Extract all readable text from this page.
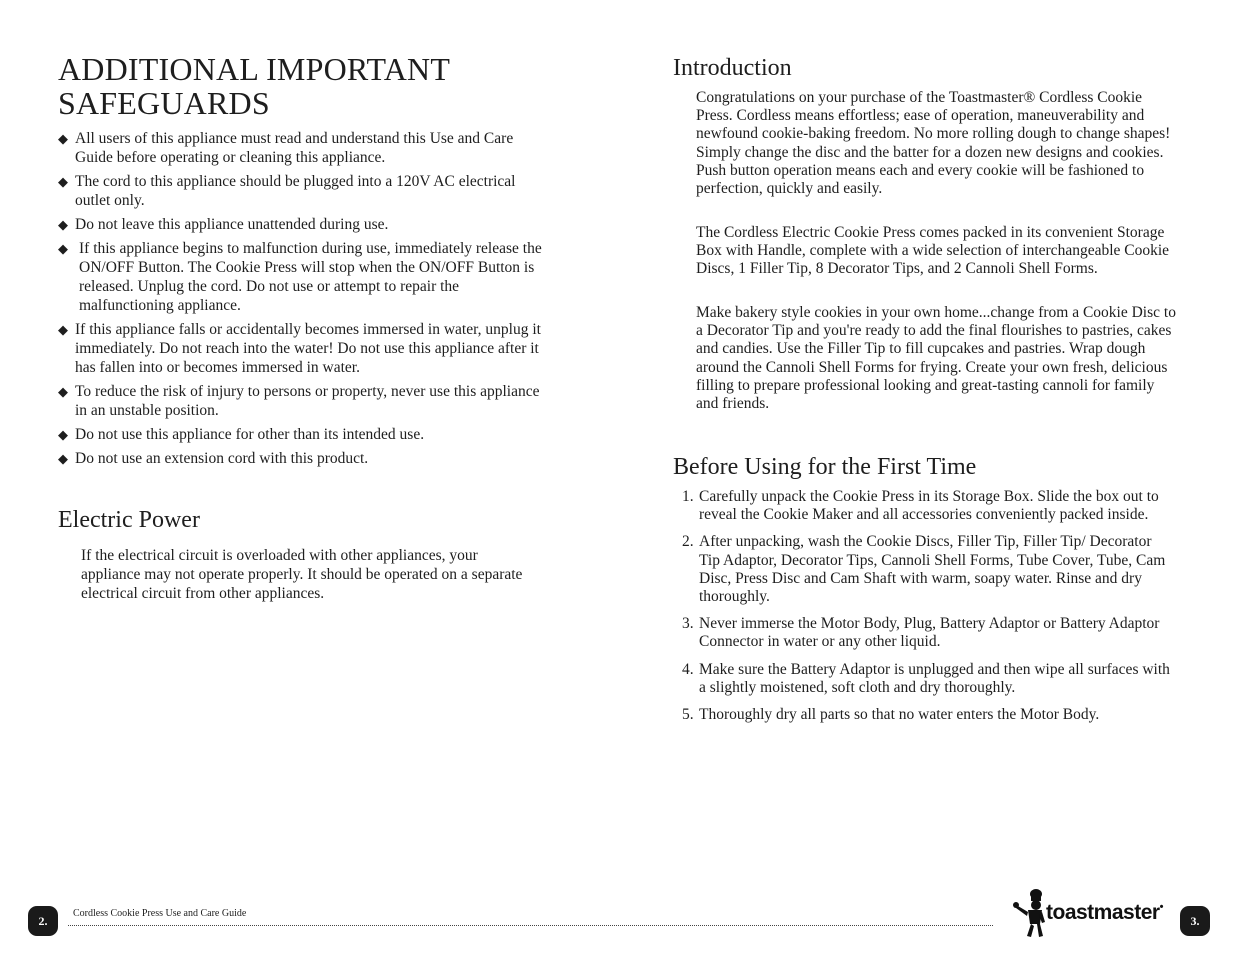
ADDITIONAL IMPORTANT SAFEGUARDS
◆ All users of this appliance must read and understand this Use and Care Guide before operating or cleaning this appliance.
◆ The cord to this appliance should be plugged into a 120V AC electrical outlet only.
◆ Do not leave this appliance unattended during use.
◆ If this appliance begins to malfunction during use, immediately release the ON/OFF Button. The Cookie Press will stop when the ON/OFF Button is released. Unplug the cord. Do not use or attempt to repair the malfunctioning appliance.
◆ If this appliance falls or accidentally becomes immersed in water, unplug it immediately. Do not reach into the water! Do not use this appliance after it has fallen into or becomes immersed in water.
◆ To reduce the risk of injury to persons or property, never use this appliance in an unstable position.
◆ Do not use this appliance for other than its intended use.
◆ Do not use an extension cord with this product.
Electric Power

If the electrical circuit is overloaded with other appliances, your appliance may not operate properly. It should be operated on a separate electrical circuit from other appliances.

Introduction

Congratulations on your purchase of the Toastmaster® Cordless Cookie Press. Cordless means effortless; ease of operation, maneuverability and newfound cookie-baking freedom. No more rolling dough to change shapes! Simply change the disc and the batter for a dozen new designs and cookies. Push button operation means each and every cookie will be fashioned to perfection, quickly and easily.

The Cordless Electric Cookie Press comes packed in its convenient Storage Box with Handle, complete with a wide selection of interchangeable Cookie Discs, 1 Filler Tip, 8 Decorator Tips, and 2 Cannoli Shell Forms.

Make bakery style cookies in your own home...change from a Cookie Disc to a Decorator Tip and you're ready to add the final flourishes to pastries, cakes and candies. Use the Filler Tip to fill cupcakes and pastries. Wrap dough around the Cannoli Shell Forms for frying. Create your own fresh, delicious filling to prepare professional looking and great-tasting cannoli for family and friends.

Before Using for the First Time
1. Carefully unpack the Cookie Press in its Storage Box. Slide the box out to reveal the Cookie Maker and all accessories conveniently packed inside.
2. After unpacking, wash the Cookie Discs, Filler Tip, Filler Tip/ Decorator Tip Adaptor, Decorator Tips, Cannoli Shell Forms, Tube Cover, Tube, Cam Disc, Press Disc and Cam Shaft with warm, soapy water. Rinse and dry thoroughly.
3. Never immerse the Motor Body, Plug, Battery Adaptor or Battery Adaptor Connector in water or any other liquid.
4. Make sure the Battery Adaptor is unplugged and then wipe all surfaces with a slightly moistened, soft cloth and dry thoroughly.
5. Thoroughly dry all parts so that no water enters the Motor Body.
2.	Cordless Cookie Press Use and Care Guide	toastmaster•
3.
